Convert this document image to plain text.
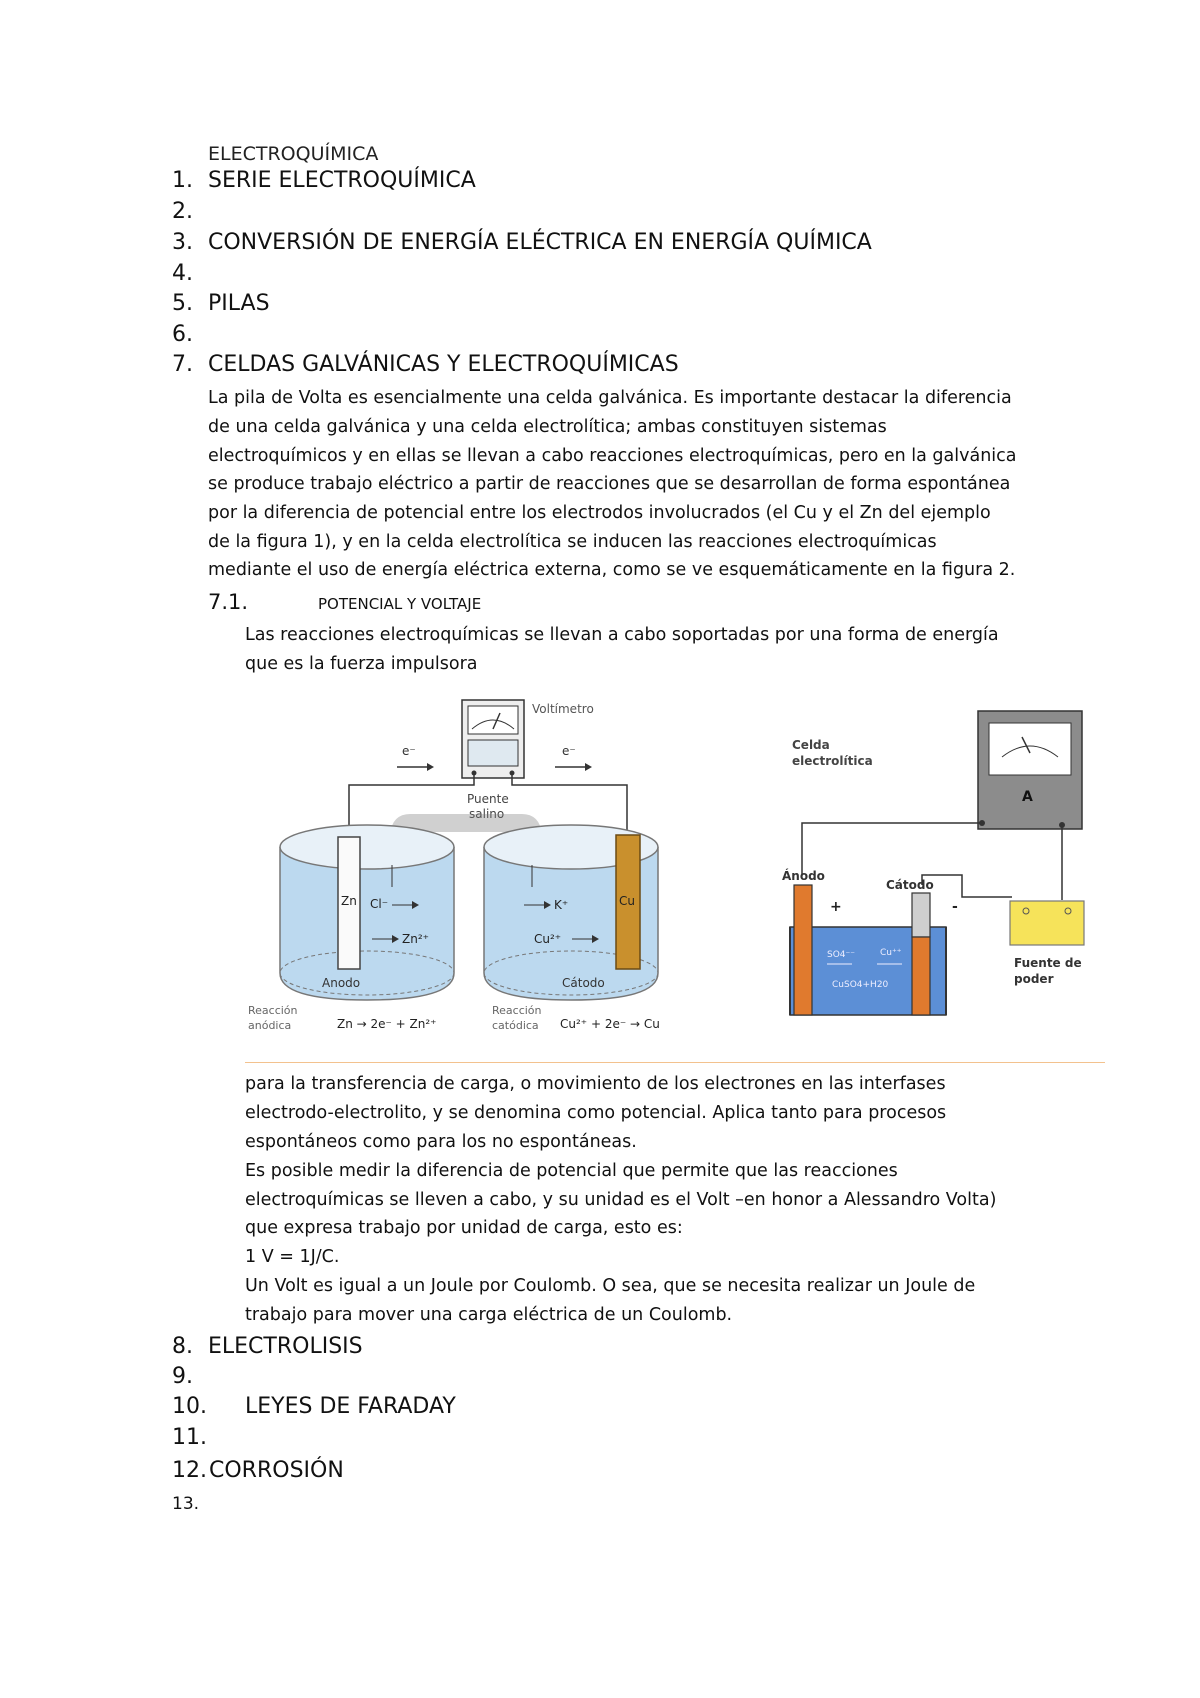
ELECTROQUÍMICA
1. SERIE ELECTROQUÍMICA
2.
3. CONVERSIÓN DE ENERGÍA ELÉCTRICA EN ENERGÍA QUÍMICA
4.
5. PILAS
6.
7. CELDAS GALVÁNICAS Y ELECTROQUÍMICAS
La pila de Volta es esencialmente una celda galvánica. Es importante destacar la diferencia
de una celda galvánica y una celda electrolítica; ambas constituyen sistemas
electroquímicos y en ellas se llevan a cabo reacciones electroquímicas, pero en la galvánica
se produce trabajo eléctrico a partir de reacciones que se desarrollan de forma espontánea
por la diferencia de potencial entre los electrodos involucrados (el Cu y el Zn del ejemplo
de la figura 1), y en la celda electrolítica se inducen las reacciones electroquímicas
mediante el uso de energía eléctrica externa, como se ve esquemáticamente en la figura 2.
7.1.	POTENCIAL Y VOLTAJE
Las reacciones electroquímicas se llevan a cabo soportadas por una forma de energía
que es la fuerza impulsora
Voltímetro
e⁻	e⁻
Puente
salino
Zn	Cu
Cl⁻
Zn²⁺
K⁺
Cu²⁺
Anodo	Cátodo
Reacción
anódica	Zn → 2e⁻ + Zn²⁺
Reacción
catódica Cu²⁺ + 2e⁻ → Cu
Celda
electrolítica
A
Ánodo
+
Cátodo
-
SO4⁻⁻	Cu⁺⁺
CuSO4+H20
Fuente de
poder
para la transferencia de carga, o movimiento de los electrones en las interfases
electrodo-electrolito, y se denomina como potencial. Aplica tanto para procesos
espontáneos como para los no espontáneas.
Es posible medir la diferencia de potencial que permite que las reacciones
electroquímicas se lleven a cabo, y su unidad es el Volt –en honor a Alessandro Volta)
que expresa trabajo por unidad de carga, esto es:
1 V = 1J/C.
Un Volt es igual a un Joule por Coulomb. O sea, que se necesita realizar un Joule de
trabajo para mover una carga eléctrica de un Coulomb.
8. ELECTROLISIS
9.
10. LEYES DE FARADAY
11.
12.CORROSIÓN
13.
